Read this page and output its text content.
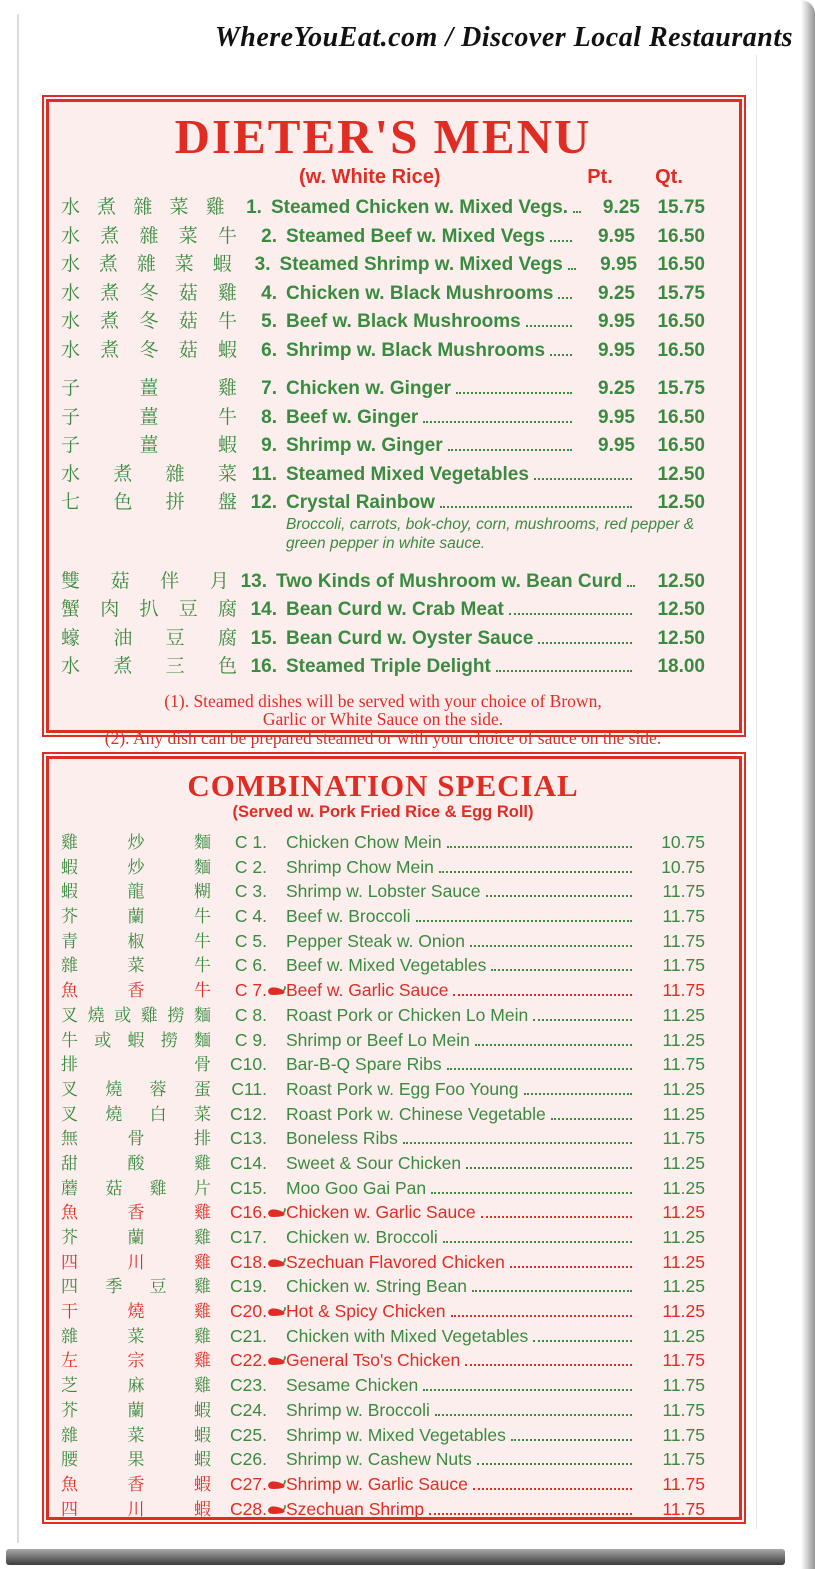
WhereYouEat.com / Discover Local Restaurants
DIETER'S MENU
(w. White Rice)	Pt.	Qt.
水 煮 雜 菜 雞	1. Steamed Chicken w. Mixed Vegs.	9.25 15.75
水 煮 雜 菜 牛	2. Steamed Beef w. Mixed Vegs	9.95	16.50
水 煮 雜 菜 蝦	3. Steamed Shrimp w. Mixed Vegs	9.95	16.50
水 煮 冬 菇 雞	4. Chicken w. Black Mushrooms	9.25	15.75
水 煮 冬 菇 牛	5. Beef w. Black Mushrooms	9.95	16.50
水 煮 冬 菇 蝦	6. Shrimp w. Black Mushrooms	9.95	16.50
子	薑	雞	7. Chicken w. Ginger	9.25	15.75
子	薑	牛	8. Beef w. Ginger	9.95	16.50
子	薑	蝦	9. Shrimp w. Ginger	9.95	16.50
水 煮 雜 菜 11. Steamed Mixed Vegetables	12.50
七 色 拼 盤 12. Crystal Rainbow	12.50
Broccoli, carrots, bok-choy, corn, mushrooms, red pepper & green pepper in white sauce.
雙 菇 伴 月 13. Two Kinds of Mushroom w. Bean Curd	12.50
蟹 肉 扒 豆 腐 14. Bean Curd w. Crab Meat	12.50
蠔 油 豆 腐 15. Bean Curd w. Oyster Sauce	12.50
水 煮 三 色 16. Steamed Triple Delight	18.00
(1). Steamed dishes will be served with your choice of Brown,
Garlic or White Sauce on the side.
(2). Any dish can be prepared steamed or with your choice of sauce on the side.
COMBINATION SPECIAL
(Served w. Pork Fried Rice & Egg Roll)
雞	炒	麵	C 1. Chicken Chow Mein	10.75
蝦	炒	麵	C 2. Shrimp Chow Mein	10.75
蝦	龍	糊	C 3. Shrimp w. Lobster Sauce	11.75
芥	蘭	牛	C 4. Beef w. Broccoli	11.75
青	椒	牛	C 5. Pepper Steak w. Onion	11.75
雜	菜	牛	C 6. Beef w. Mixed Vegetables	11.75
魚	香	牛	C 7. Beef w. Garlic Sauce	11.75
叉 燒 或 雞 撈 麵	C 8. Roast Pork or Chicken Lo Mein	11.25
牛 或 蝦 撈 麵	C 9. Shrimp or Beef Lo Mein	11.25
排	骨	C10. Bar-B-Q Spare Ribs	11.75
叉 燒 蓉 蛋	C11. Roast Pork w. Egg Foo Young	11.25
叉 燒 白 菜	C12. Roast Pork w. Chinese Vegetable	11.25
無	骨	排	C13. Boneless Ribs	11.75
甜	酸	雞	C14. Sweet & Sour Chicken	11.25
蘑 菇 雞 片	C15. Moo Goo Gai Pan	11.25
魚	香	雞	C16. Chicken w. Garlic Sauce	11.25
芥	蘭	雞	C17. Chicken w. Broccoli	11.25
四	川	雞	C18. Szechuan Flavored Chicken	11.25
四 季 豆 雞	C19. Chicken w. String Bean	11.25
干	燒	雞	C20. Hot & Spicy Chicken	11.25
雜	菜	雞	C21. Chicken with Mixed Vegetables	11.25
左	宗	雞	C22. General Tso's Chicken	11.75
芝	麻	雞	C23. Sesame Chicken	11.75
芥	蘭	蝦	C24. Shrimp w. Broccoli	11.75
雜	菜	蝦	C25. Shrimp w. Mixed Vegetables	11.75
腰	果	蝦	C26. Shrimp w. Cashew Nuts	11.75
魚	香	蝦	C27. Shrimp w. Garlic Sauce	11.75
四	川	蝦	C28. Szechuan Shrimp	11.75
